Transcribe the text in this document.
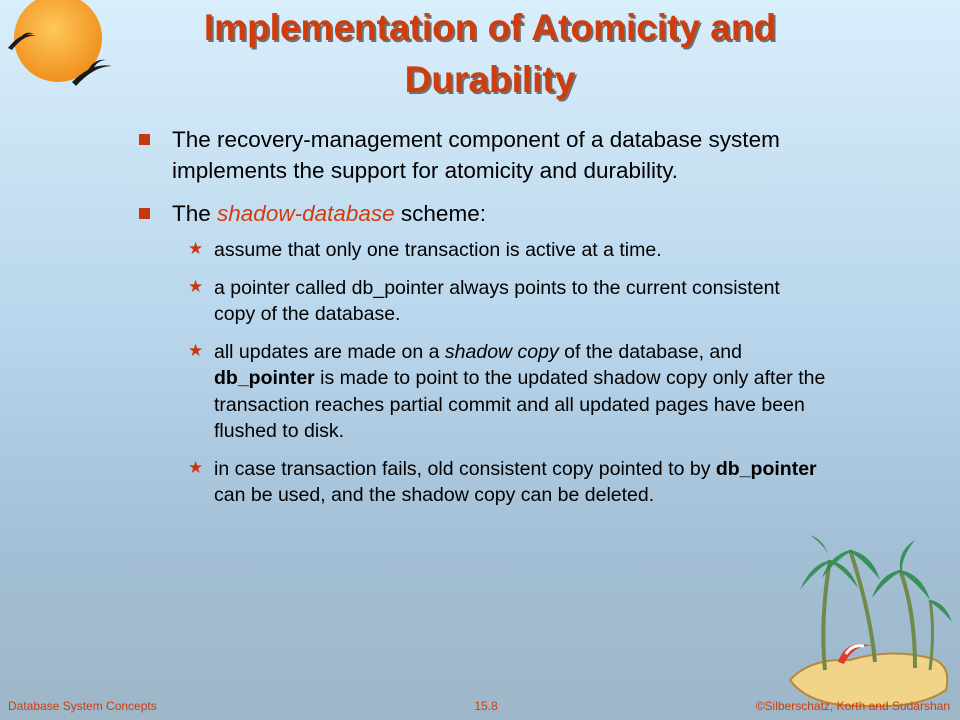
Implementation of Atomicity and
Durability
The recovery-management component of a database system implements the support for atomicity and durability.
The shadow-database scheme:
★ assume that only one transaction is active at a time.
★ a pointer called db_pointer always points to the current consistent copy of the database.
★ all updates are made on a shadow copy of the database, and db_pointer is made to point to the updated shadow copy only after the transaction reaches partial commit and all updated pages have been flushed to disk.
★ in case transaction fails, old consistent copy pointed to by db_pointer can be used, and the shadow copy can be deleted.
Database System Concepts	15.8	©Silberschatz, Korth and Sudarshan
